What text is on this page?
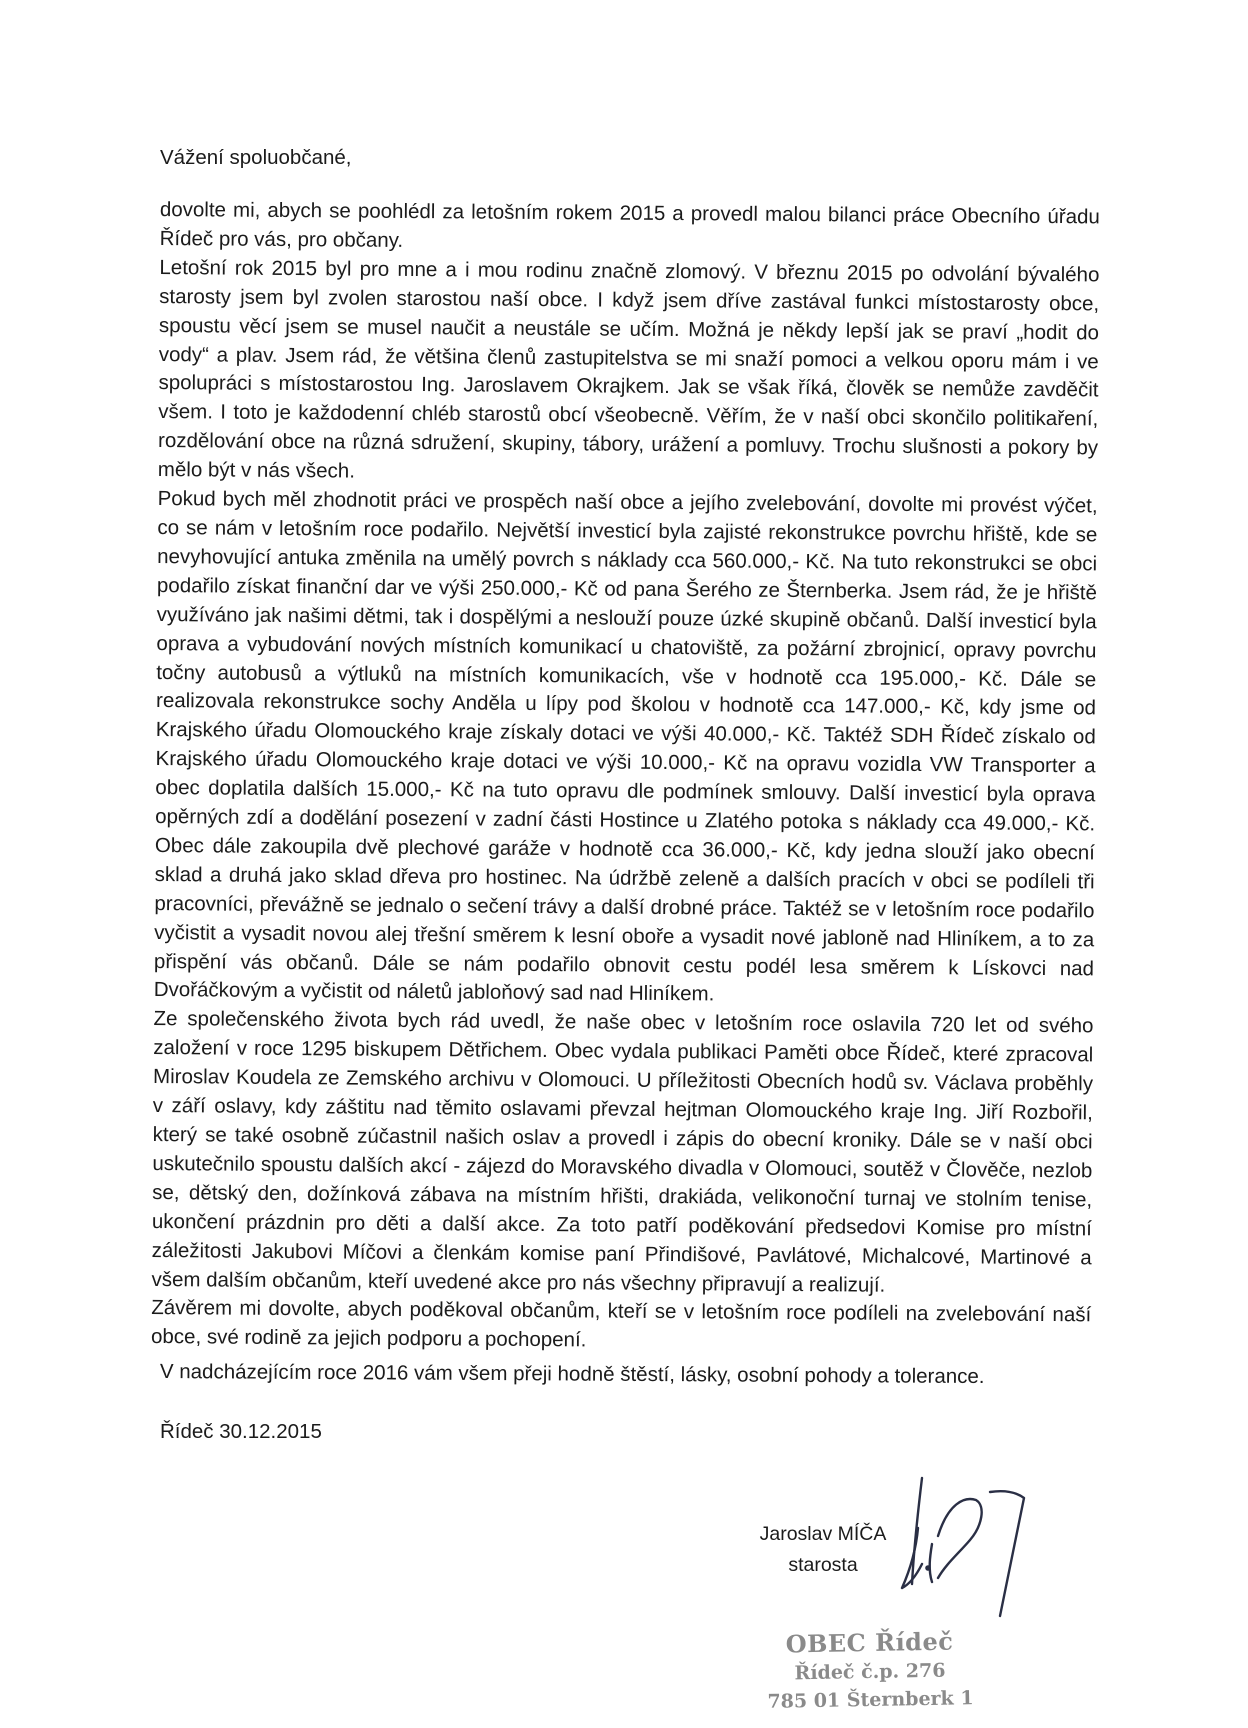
Vážení spoluobčané,

dovolte mi, abych se poohlédl za letošním rokem 2015 a provedl malou bilanci práce Obecního úřadu Řídeč pro vás, pro občany.

Letošní rok 2015 byl pro mne a i mou rodinu značně zlomový. V březnu 2015 po odvolání bývalého starosty jsem byl zvolen starostou naší obce. I když jsem dříve zastával funkci místostarosty obce, spoustu věcí jsem se musel naučit a neustále se učím. Možná je někdy lepší jak se praví „hodit do vody“ a plav. Jsem rád, že většina členů zastupitelstva se mi snaží pomoci a velkou oporu mám i ve spolupráci s místostarostou Ing. Jaroslavem Okrajkem. Jak se však říká, člověk se nemůže zavděčit všem. I toto je každodenní chléb starostů obcí všeobecně. Věřím, že v naší obci skončilo politikaření, rozdělování obce na různá sdružení, skupiny, tábory, urážení a pomluvy. Trochu slušnosti a pokory by mělo být v nás všech.

Pokud bych měl zhodnotit práci ve prospěch naší obce a jejího zvelebování, dovolte mi provést výčet, co se nám v letošním roce podařilo. Největší investicí byla zajisté rekonstrukce povrchu hřiště, kde se nevyhovující antuka změnila na umělý povrch s náklady cca 560.000,- Kč. Na tuto rekonstrukci se obci podařilo získat finanční dar ve výši 250.000,- Kč od pana Šerého ze Šternberka. Jsem rád, že je hřiště využíváno jak našimi dětmi, tak i dospělými a neslouží pouze úzké skupině občanů. Další investicí byla oprava a vybudování nových místních komunikací u chatoviště, za požární zbrojnicí, opravy povrchu točny autobusů a výtluků na místních komunikacích, vše v hodnotě cca 195.000,- Kč. Dále se realizovala rekonstrukce sochy Anděla u lípy pod školou v hodnotě cca 147.000,- Kč, kdy jsme od Krajského úřadu Olomouckého kraje získaly dotaci ve výši 40.000,- Kč. Taktéž SDH Řídeč získalo od Krajského úřadu Olomouckého kraje dotaci ve výši 10.000,- Kč na opravu vozidla VW Transporter a obec doplatila dalších 15.000,- Kč na tuto opravu dle podmínek smlouvy. Další investicí byla oprava opěrných zdí a dodělání posezení v zadní části Hostince u Zlatého potoka s náklady cca 49.000,- Kč. Obec dále zakoupila dvě plechové garáže v hodnotě cca 36.000,- Kč, kdy jedna slouží jako obecní sklad a druhá jako sklad dřeva pro hostinec. Na údržbě zeleně a dalších pracích v obci se podíleli tři pracovníci, převážně se jednalo o sečení trávy a další drobné práce. Taktéž se v letošním roce podařilo vyčistit a vysadit novou alej třešní směrem k lesní oboře a vysadit nové jabloně nad Hliníkem, a to za přispění vás občanů. Dále se nám podařilo obnovit cestu podél lesa směrem k Lískovci nad Dvořáčkovým a vyčistit od náletů jabloňový sad nad Hliníkem.

Ze společenského života bych rád uvedl, že naše obec v letošním roce oslavila 720 let od svého založení v roce 1295 biskupem Dětřichem. Obec vydala publikaci Paměti obce Řídeč, které zpracoval Miroslav Koudela ze Zemského archivu v Olomouci. U příležitosti Obecních hodů sv. Václava proběhly v září oslavy, kdy záštitu nad těmito oslavami převzal hejtman Olomouckého kraje Ing. Jiří Rozbořil, který se také osobně zúčastnil našich oslav a provedl i zápis do obecní kroniky. Dále se v naší obci uskutečnilo spoustu dalších akcí - zájezd do Moravského divadla v Olomouci, soutěž v Člověče, nezlob se, dětský den, dožínková zábava na místním hřišti, drakiáda, velikonoční turnaj ve stolním tenise, ukončení prázdnin pro děti a další akce. Za toto patří poděkování předsedovi Komise pro místní záležitosti Jakubovi Míčovi a členkám komise paní Přindišové, Pavlátové, Michalcové, Martinové a všem dalším občanům, kteří uvedené akce pro nás všechny připravují a realizují.

Závěrem mi dovolte, abych poděkoval občanům, kteří se v letošním roce podíleli na zvelebování naší obce, své rodině za jejich podporu a pochopení.

V nadcházejícím roce 2016 vám všem přeji hodně štěstí, lásky, osobní pohody a tolerance.

Řídeč 30.12.2015

Jaroslav MÍČA
starosta
OBEC Řídeč
Řídeč č.p. 276
785 01 Šternberk 1
